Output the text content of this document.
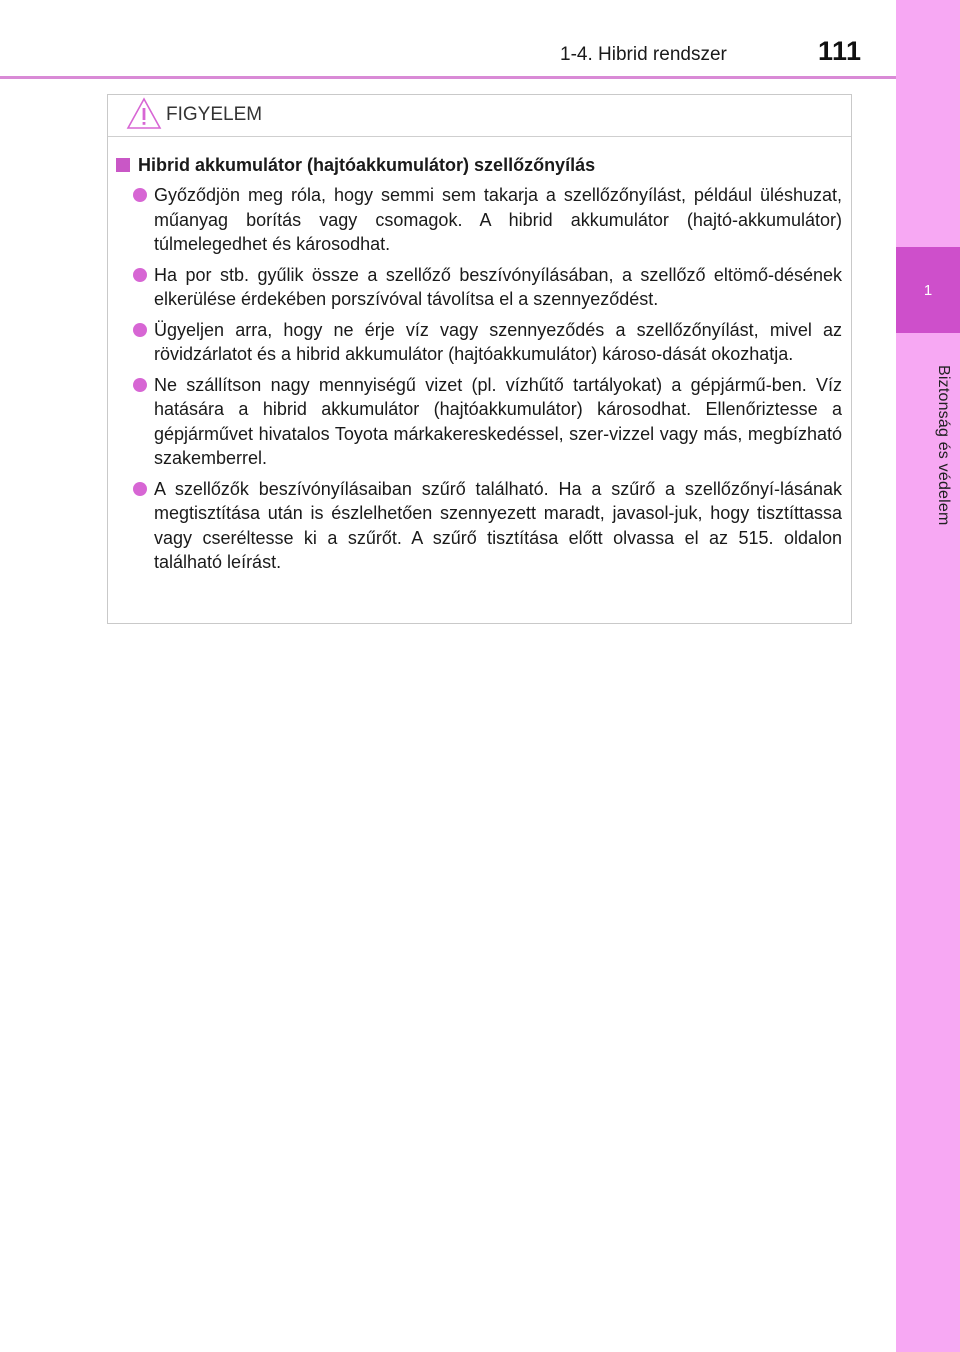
1
Biztonság és védelem
1-4. Hibrid rendszer	111
FIGYELEM
Hibrid akkumulátor (hajtóakkumulátor) szellőzőnyílás
Győződjön meg róla, hogy semmi sem takarja a szellőzőnyílást, például üléshuzat, műanyag borítás vagy csomagok. A hibrid akkumulátor (hajtó-akkumulátor) túlmelegedhet és károsodhat.
Ha por stb. gyűlik össze a szellőző beszívónyílásában, a szellőző eltömő-désének elkerülése érdekében porszívóval távolítsa el a szennyeződést.
Ügyeljen arra, hogy ne érje víz vagy szennyeződés a szellőzőnyílást, mivel az rövidzárlatot és a hibrid akkumulátor (hajtóakkumulátor) károso-dását okozhatja.
Ne szállítson nagy mennyiségű vizet (pl. vízhűtő tartályokat) a gépjármű-ben. Víz hatására a hibrid akkumulátor (hajtóakkumulátor) károsodhat. Ellenőriztesse a gépjárművet hivatalos Toyota márkakereskedéssel, szer-vizzel vagy más, megbízható szakemberrel.
A szellőzők beszívónyílásaiban szűrő található. Ha a szűrő a szellőzőnyí-lásának megtisztítása után is észlelhetően szennyezett maradt, javasol-juk, hogy tisztíttassa vagy cseréltesse ki a szűrőt. A szűrő tisztítása előtt olvassa el az 515. oldalon található leírást.
